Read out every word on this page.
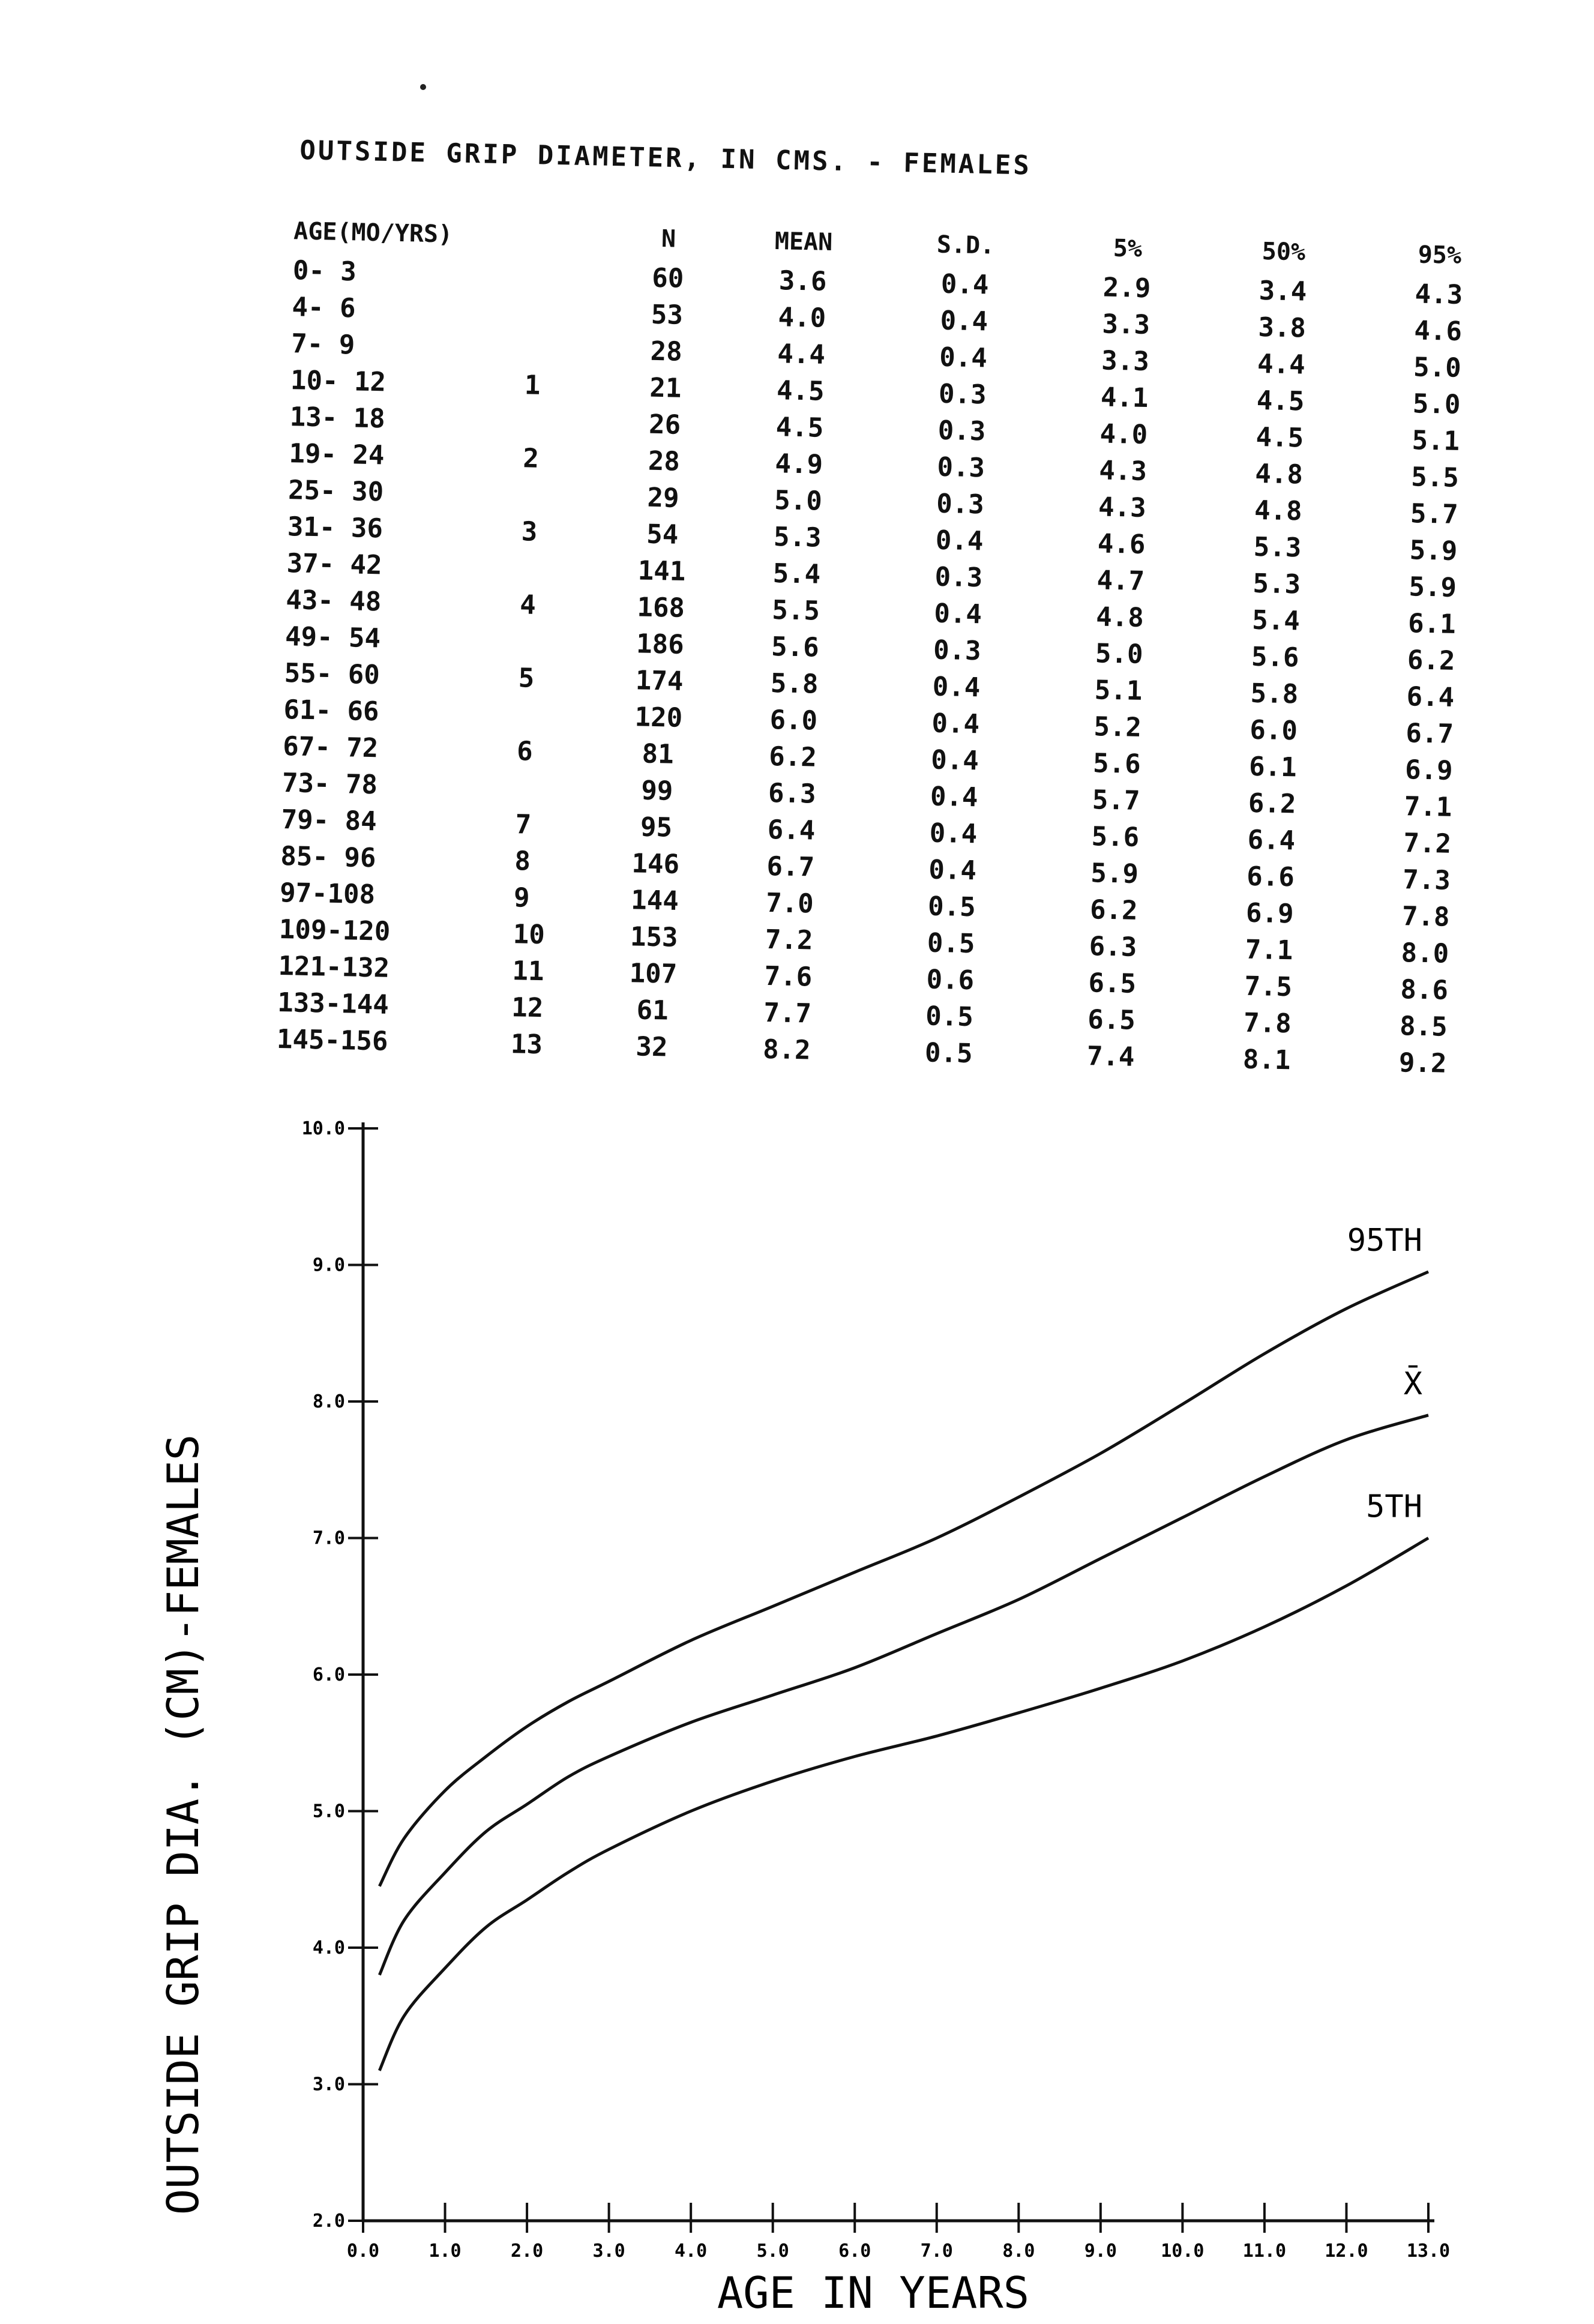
OUTSIDE GRIP DIAMETER, IN CMS. - FEMALES
AGE(MO/YRS)		N	MEAN	S.D.	5%	50%	95%
0- 3		60	3.6	0.4	2.9	3.4	4.3
4- 6		53	4.0	0.4	3.3	3.8	4.6
7- 9		28	4.4	0.4	3.3	4.4	5.0
10- 12	1	21	4.5	0.3	4.1	4.5	5.0
13- 18		26	4.5	0.3	4.0	4.5	5.1
19- 24	2	28	4.9	0.3	4.3	4.8	5.5
25- 30		29	5.0	0.3	4.3	4.8	5.7
31- 36	3	54	5.3	0.4	4.6	5.3	5.9
37- 42		141	5.4	0.3	4.7	5.3	5.9
43- 48	4	168	5.5	0.4	4.8	5.4	6.1
49- 54		186	5.6	0.3	5.0	5.6	6.2
55- 60	5	174	5.8	0.4	5.1	5.8	6.4
61- 66		120	6.0	0.4	5.2	6.0	6.7
67- 72	6	81	6.2	0.4	5.6	6.1	6.9
73- 78		99	6.3	0.4	5.7	6.2	7.1
79- 84	7	95	6.4	0.4	5.6	6.4	7.2
85- 96	8	146	6.7	0.4	5.9	6.6	7.3
97-108	9	144	7.0	0.5	6.2	6.9	7.8
109-120	10	153	7.2	0.5	6.3	7.1	8.0
121-132	11	107	7.6	0.6	6.5	7.5	8.6
133-144	12	61	7.7	0.5	6.5	7.8	8.5
145-156	13	32	8.2	0.5	7.4	8.1	9.2
2.0
3.0
4.0
5.0
6.0
7.0
8.0
9.0
10.0
0.0	1.0	2.0	3.0	4.0	5.0	6.0	7.0	8.0	9.0 10.0 11.0 12.0 13.0
95TH
X̄
5TH
AGE IN YEARS
OUTSIDE GRIP DIA. (CM)-FEMALES
